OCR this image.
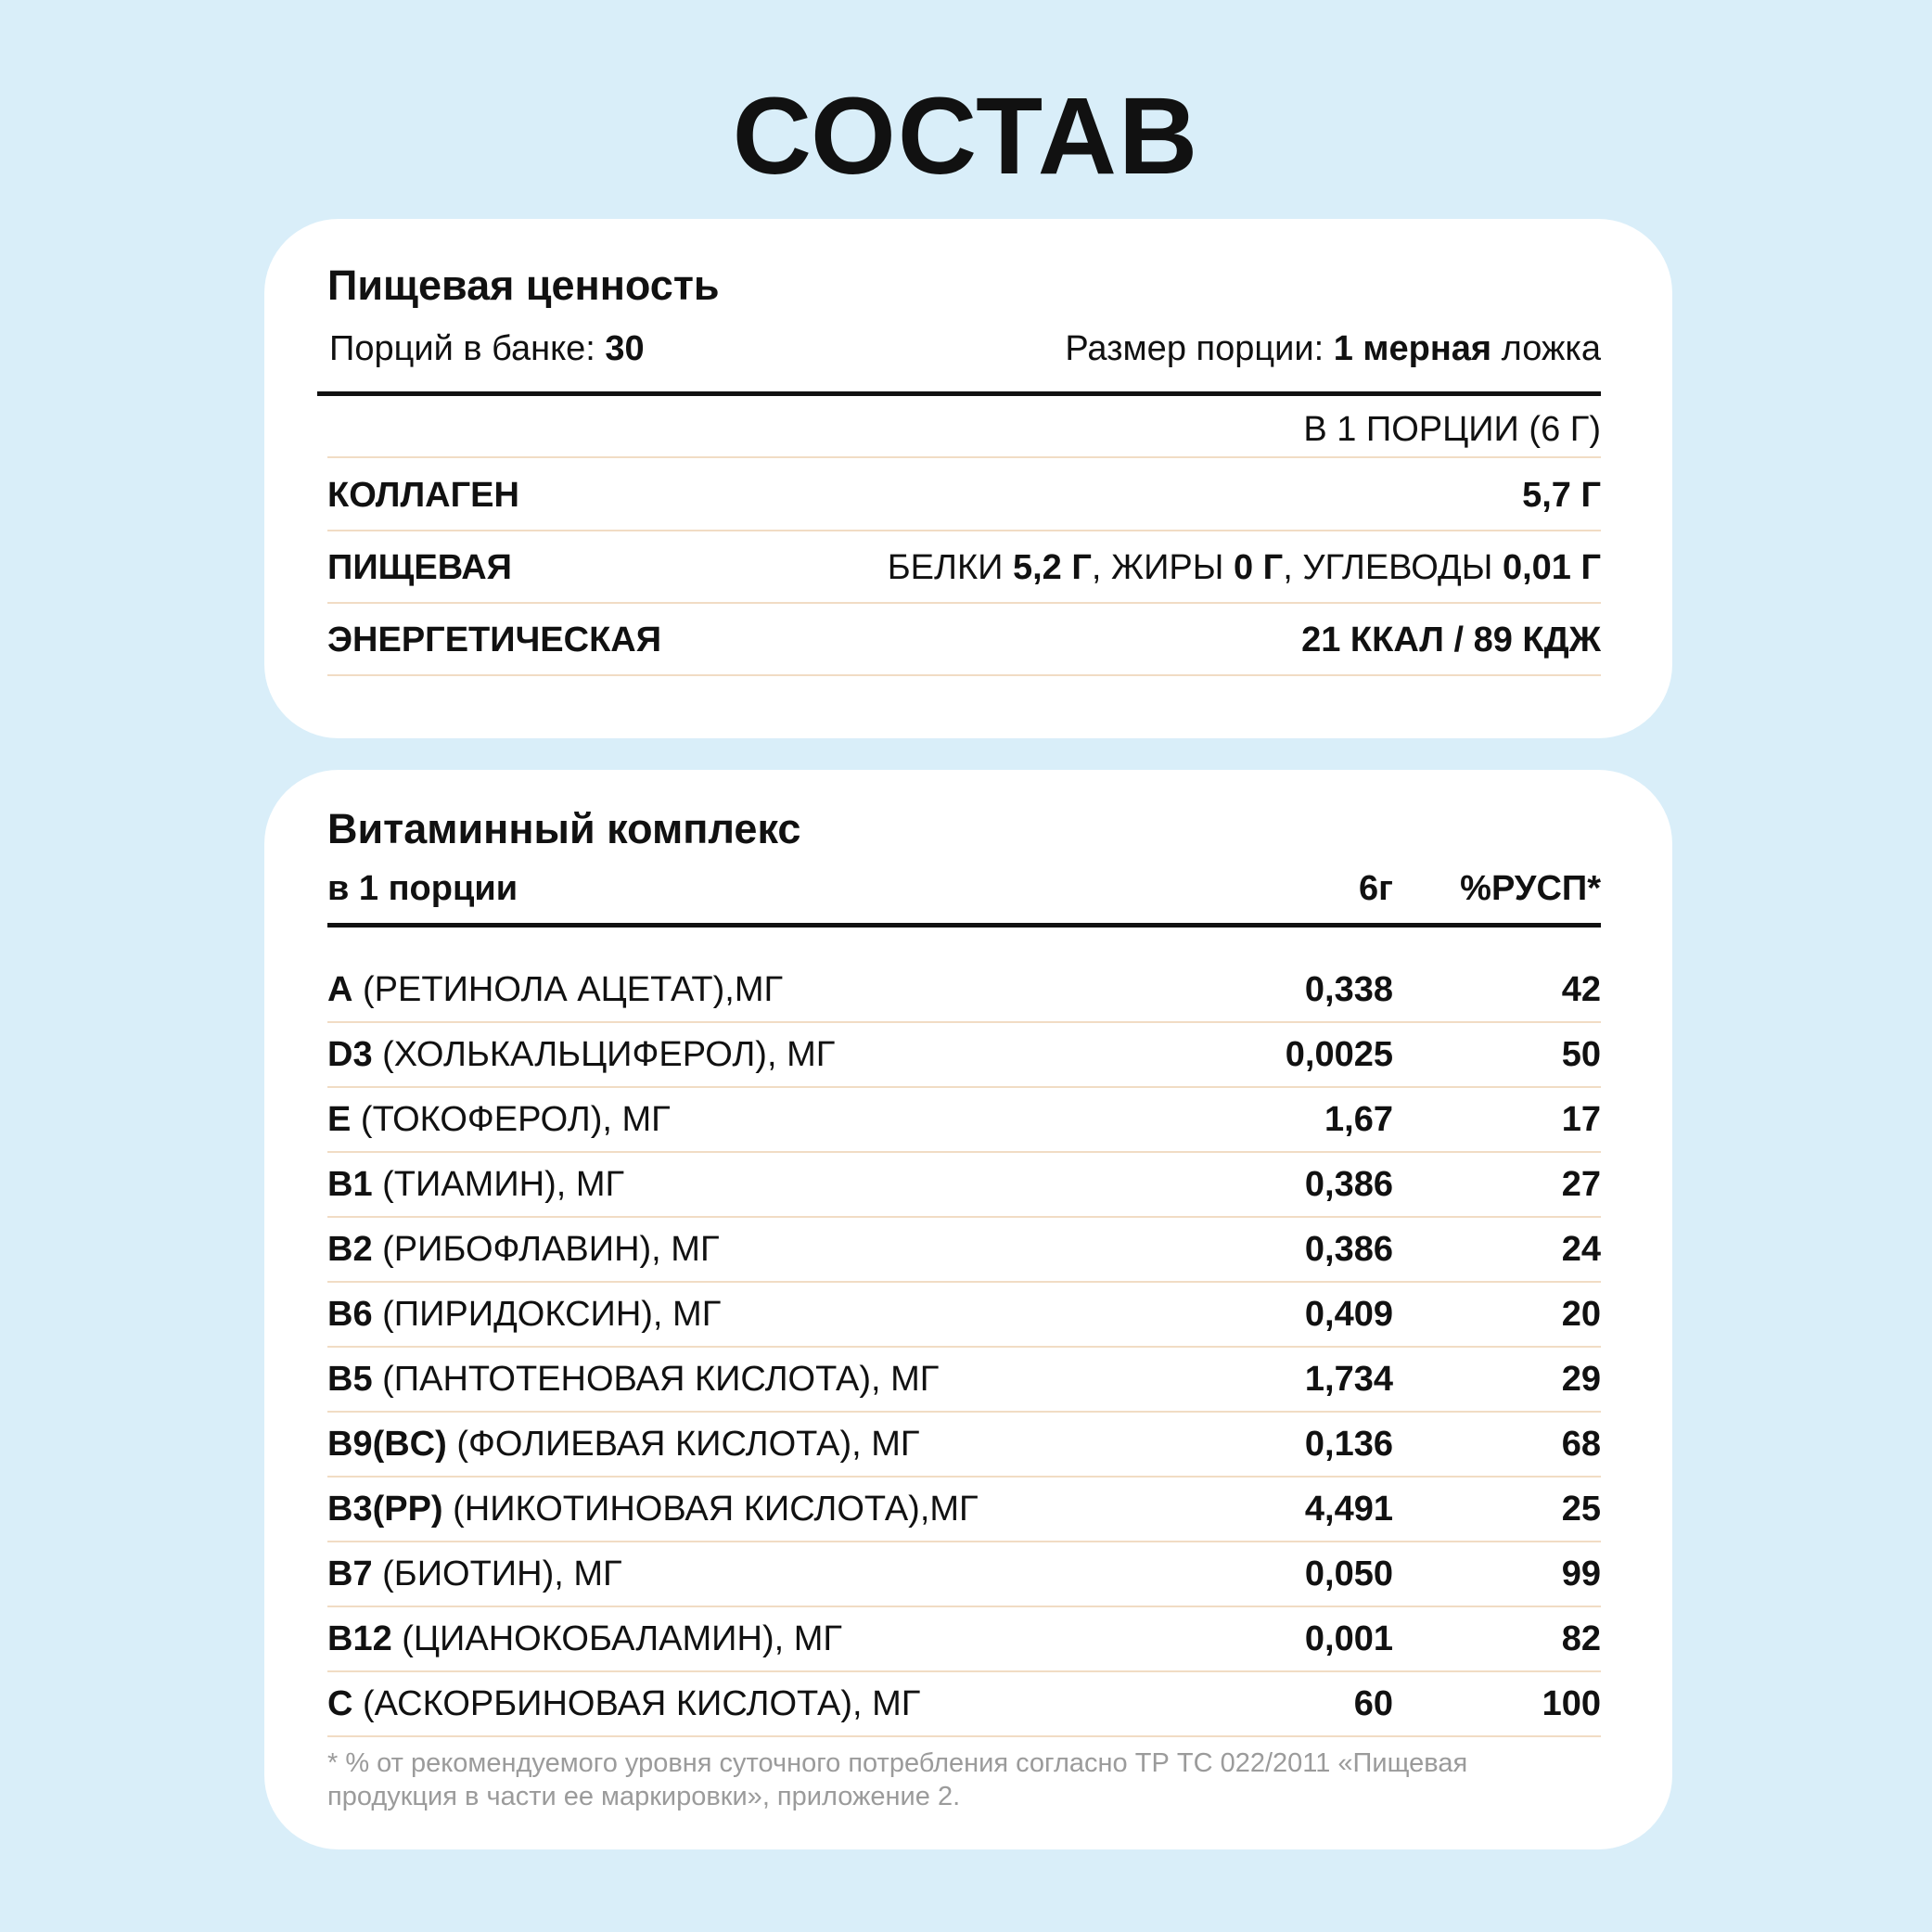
СОСТАВ
Пищевая ценность
Порций в банке: 30	Размер порции: 1 мерная ложка
В 1 ПОРЦИИ (6 Г)
КОЛЛАГЕН	5,7 Г
ПИЩЕВАЯ	БЕЛКИ 5,2 Г, ЖИРЫ 0 Г, УГЛЕВОДЫ 0,01 Г
ЭНЕРГЕТИЧЕСКАЯ	21 ККАЛ / 89 КДЖ
Витаминный комплекс
в 1 порции	6г	%РУСП*
A (РЕТИНОЛА АЦЕТАТ),МГ	0,338	42
D3 (ХОЛЬКАЛЬЦИФЕРОЛ), МГ	0,0025	50
E (ТОКОФЕРОЛ), МГ	1,67	17
B1 (ТИАМИН), МГ	0,386	27
B2 (РИБОФЛАВИН), МГ	0,386	24
B6 (ПИРИДОКСИН), МГ	0,409	20
B5 (ПАНТОТЕНОВАЯ КИСЛОТА), МГ	1,734	29
B9(BC) (ФОЛИЕВАЯ КИСЛОТА), МГ	0,136	68
B3(PP) (НИКОТИНОВАЯ КИСЛОТА),МГ	4,491	25
B7 (БИОТИН), МГ	0,050	99
B12 (ЦИАНОКОБАЛАМИН), МГ	0,001	82
C (АСКОРБИНОВАЯ КИСЛОТА), МГ	60	100
* % от рекомендуемого уровня суточного потребления согласно ТР ТС 022/2011 «Пищевая продукция в части ее маркировки», приложение 2.
